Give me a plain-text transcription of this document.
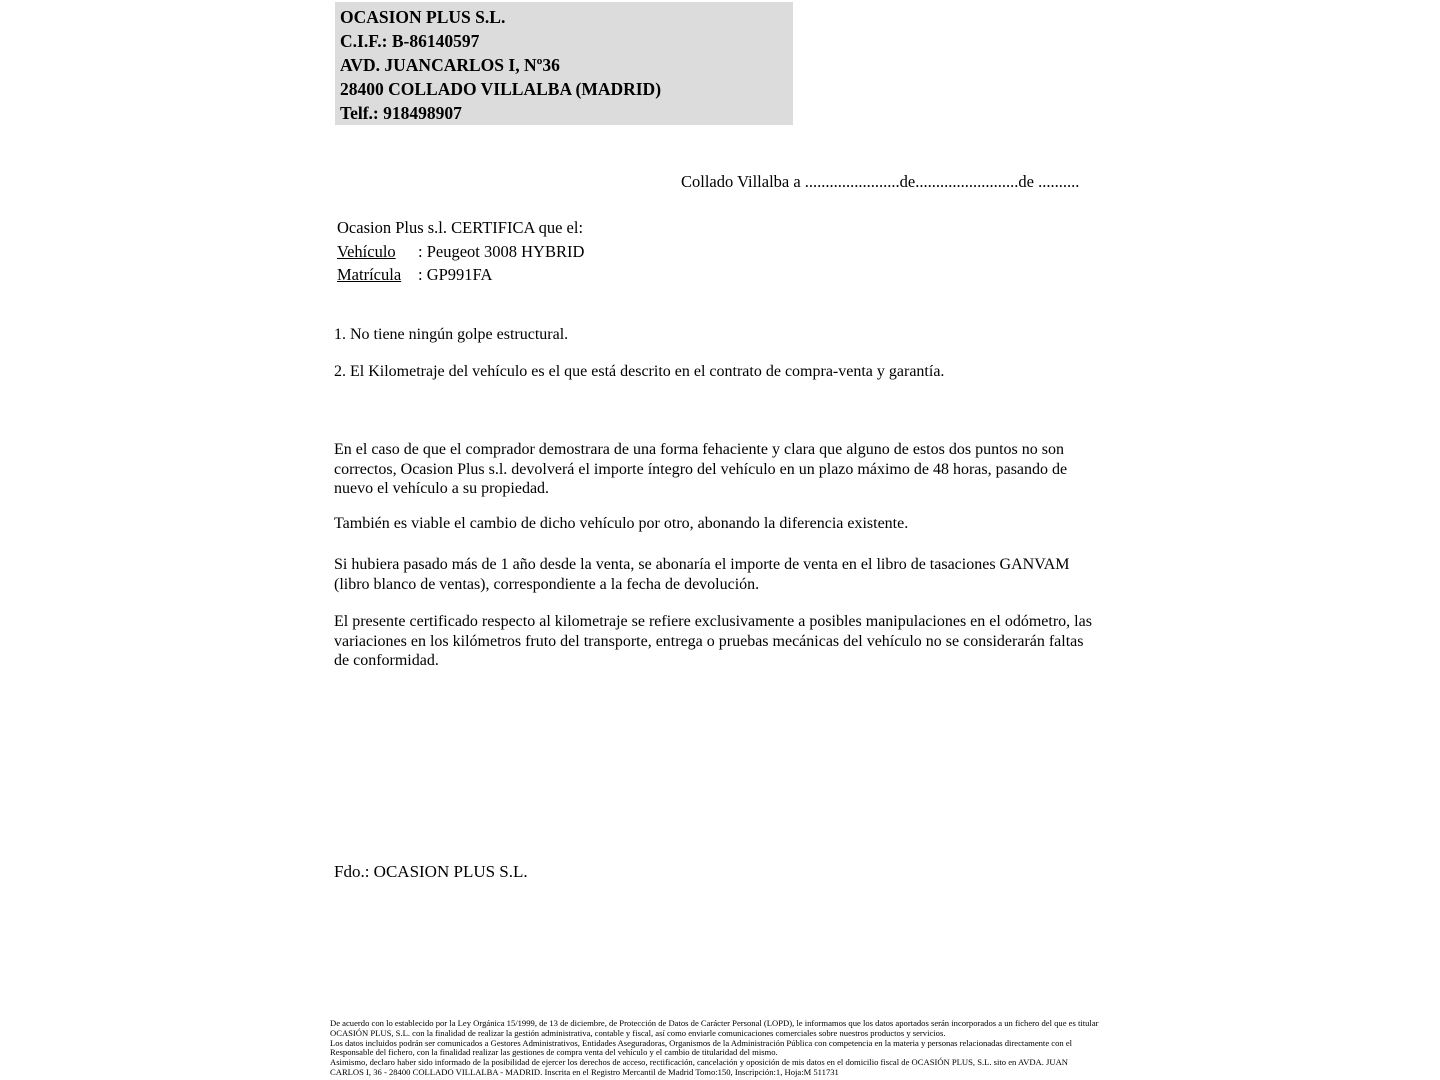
OCASION PLUS S.L.
C.I.F.: B-86140597
AVD. JUANCARLOS I, Nº36
28400 COLLADO VILLALBA (MADRID)
Telf.: 918498907
Collado Villalba a .......................de.........................de ..........
Ocasion Plus s.l. CERTIFICA que el:
Vehículo : Peugeot 3008 HYBRID
Matrícula : GP991FA
1. No tiene ningún golpe estructural.
2. El Kilometraje del vehículo es el que está descrito en el contrato de compra-venta y garantía.

En el caso de que el comprador demostrara de una forma fehaciente y clara que alguno de estos dos puntos no son correctos, Ocasion Plus s.l. devolverá el importe íntegro del vehículo en un plazo máximo de 48 horas, pasando de nuevo el vehículo a su propiedad.

También es viable el cambio de dicho vehículo por otro, abonando la diferencia existente.

Si hubiera pasado más de 1 año desde la venta, se abonaría el importe de venta en el libro de tasaciones GANVAM (libro blanco de ventas), correspondiente a la fecha de devolución.

El presente certificado respecto al kilometraje se refiere exclusivamente a posibles manipulaciones en el odómetro, las variaciones en los kilómetros fruto del transporte, entrega o pruebas mecánicas del vehículo no se considerarán faltas de conformidad.

Fdo.: OCASION PLUS S.L.
De acuerdo con lo establecido por la Ley Orgánica 15/1999, de 13 de diciembre, de Protección de Datos de Carácter Personal (LOPD), le informamos que los datos aportados serán incorporados a un fichero del que es titular
OCASIÓN PLUS, S.L. con la finalidad de realizar la gestión administrativa, contable y fiscal, así como enviarle comunicaciones comerciales sobre nuestros productos y servicios.
Los datos incluidos podrán ser comunicados a Gestores Administrativos, Entidades Aseguradoras, Organismos de la Administración Pública con competencia en la materia y personas relacionadas directamente con el
Responsable del fichero, con la finalidad realizar las gestiones de compra venta del vehículo y el cambio de titularidad del mismo.
Asimismo, declaro haber sido informado de la posibilidad de ejercer los derechos de acceso, rectificación, cancelación y oposición de mis datos en el domicilio fiscal de OCASIÓN PLUS, S.L. sito en AVDA. JUAN
CARLOS I, 36 - 28400 COLLADO VILLALBA - MADRID. Inscrita en el Registro Mercantil de Madrid Tomo:150, Inscripción:1, Hoja:M 511731
